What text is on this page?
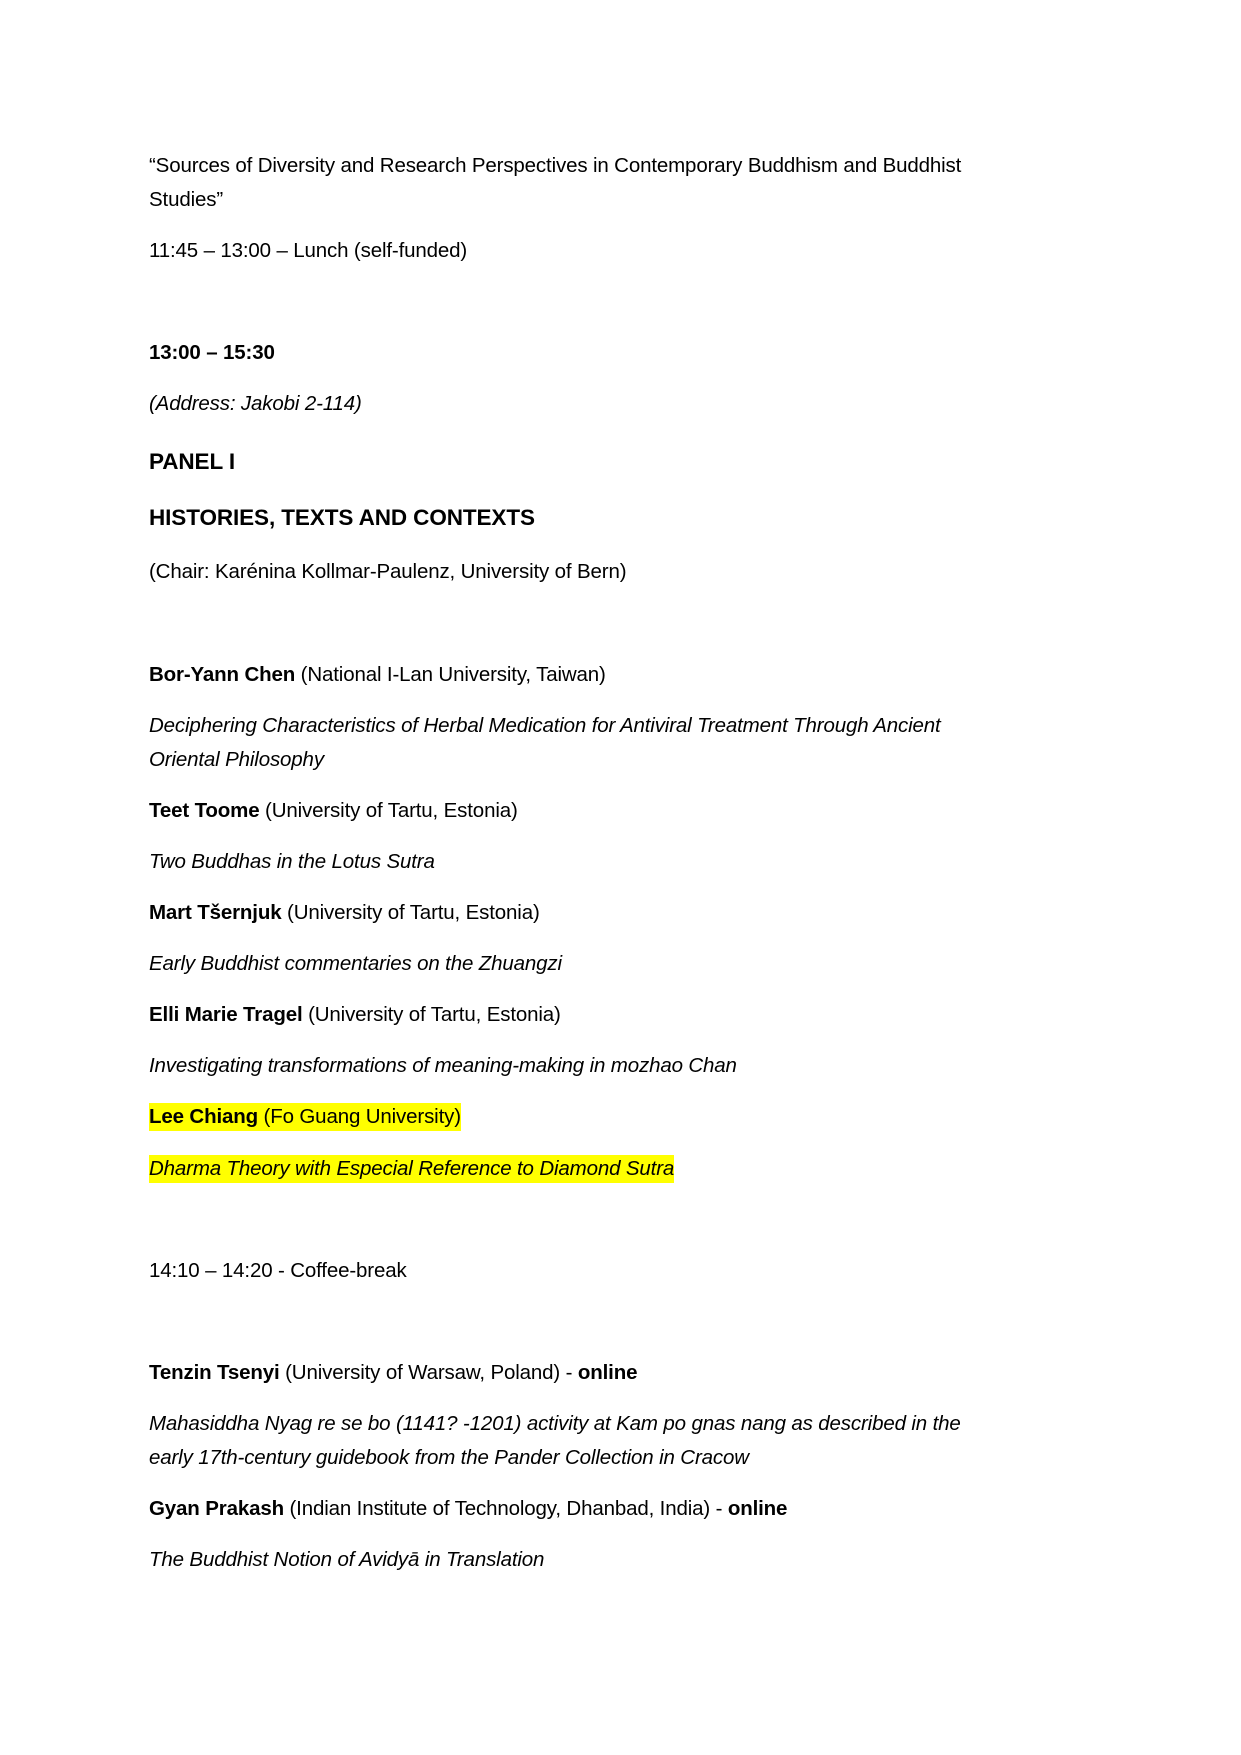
“Sources of Diversity and Research Perspectives in Contemporary Buddhism and Buddhist
Studies”
11:45 – 13:00 – Lunch (self-funded)
13:00 – 15:30
(Address: Jakobi 2-114)
PANEL I
HISTORIES, TEXTS AND CONTEXTS
(Chair: Karénina Kollmar-Paulenz, University of Bern)
Bor-Yann Chen (National I-Lan University, Taiwan)
Deciphering Characteristics of Herbal Medication for Antiviral Treatment Through Ancient
Oriental Philosophy
Teet Toome (University of Tartu, Estonia)
Two Buddhas in the Lotus Sutra
Mart Tšernjuk (University of Tartu, Estonia)
Early Buddhist commentaries on the Zhuangzi
Elli Marie Tragel (University of Tartu, Estonia)
Investigating transformations of meaning-making in mozhao Chan
Lee Chiang (Fo Guang University)
Dharma Theory with Especial Reference to Diamond Sutra
14:10 – 14:20 - Coffee-break
Tenzin Tsenyi (University of Warsaw, Poland) - online
Mahasiddha Nyag re se bo (1141? -1201) activity at Kam po gnas nang as described in the
early 17th-century guidebook from the Pander Collection in Cracow
Gyan Prakash (Indian Institute of Technology, Dhanbad, India) - online
The Buddhist Notion of Avidyā in Translation
